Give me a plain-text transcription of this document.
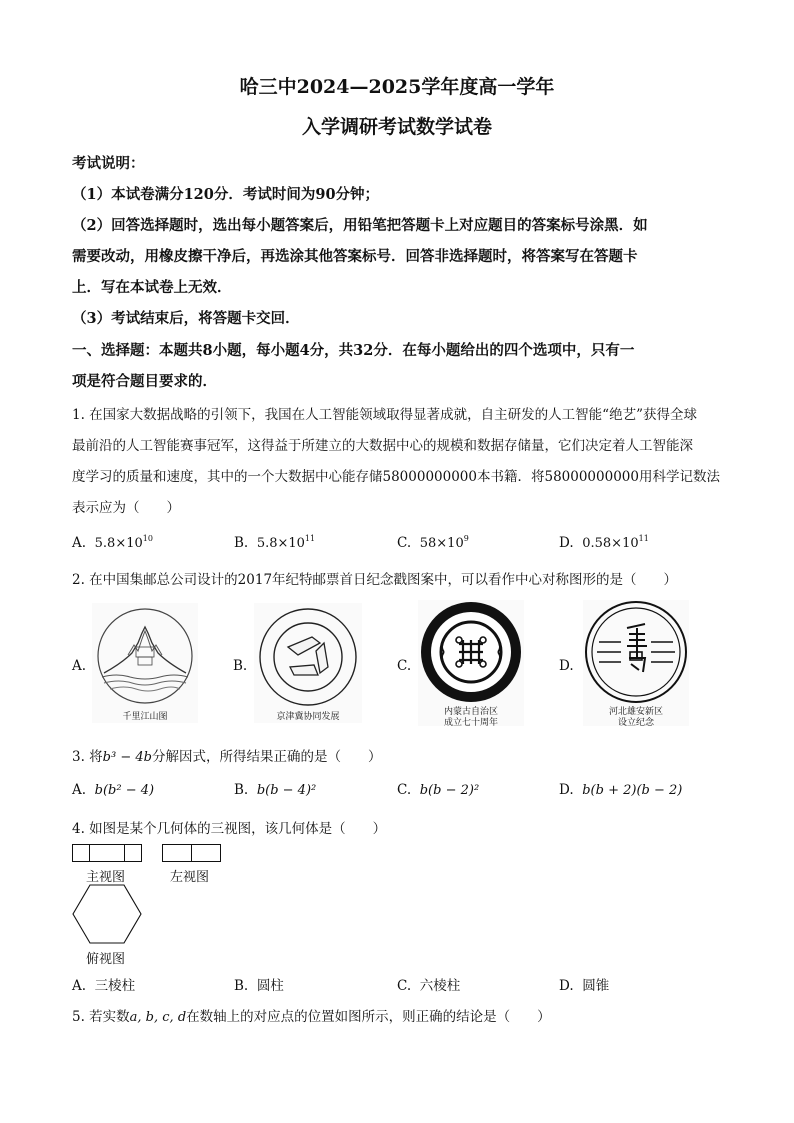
哈三中2024—2025学年度高一学年
入学调研考试数学试卷
考试说明：
（1）本试卷满分120分．考试时间为90分钟；
（2）回答选择题时，选出每小题答案后，用铅笔把答题卡上对应题目的答案标号涂黑．如
需要改动，用橡皮擦干净后，再选涂其他答案标号．回答非选择题时，将答案写在答题卡
上．写在本试卷上无效．
（3）考试结束后，将答题卡交回．
一、选择题：本题共8小题，每小题4分，共32分．在每小题给出的四个选项中，只有一
项是符合题目要求的．
1. 在国家大数据战略的引领下，我国在人工智能领域取得显著成就，自主研发的人工智能“绝艺”获得全球
最前沿的人工智能赛事冠军，这得益于所建立的大数据中心的规模和数据存储量，它们决定着人工智能深
度学习的质量和速度，其中的一个大数据中心能存储58000000000本书籍．将58000000000用科学记数法
表示应为（　　）
A. $5.8\times 10^{10}$	B. $5.8\times 10^{11}$	C. $58\times 10^9$	D. $0.58\times 10^{11}$
2. 在中国集邮总公司设计的2017年纪特邮票首日纪念戳图案中，可以看作中心对称图形的是（　　）
A.	B.	C.	D.
千里江山图	京津冀协同发展	内蒙古自治区
成立七十周年
河北雄安新区
设立纪念
3. 将b³ − 4b分解因式，所得结果正确的是（　　）
A. b(b² − 4)	B. b(b − 4)²	C. b(b − 2)²	D. b(b + 2)(b − 2)
4. 如图是某个几何体的三视图，该几何体是（　　）
主视图	左视图
俯视图
A. 三棱柱	B. 圆柱	C. 六棱柱	D. 圆锥
5. 若实数a, b, c, d在数轴上的对应点的位置如图所示，则正确的结论是（　　）
